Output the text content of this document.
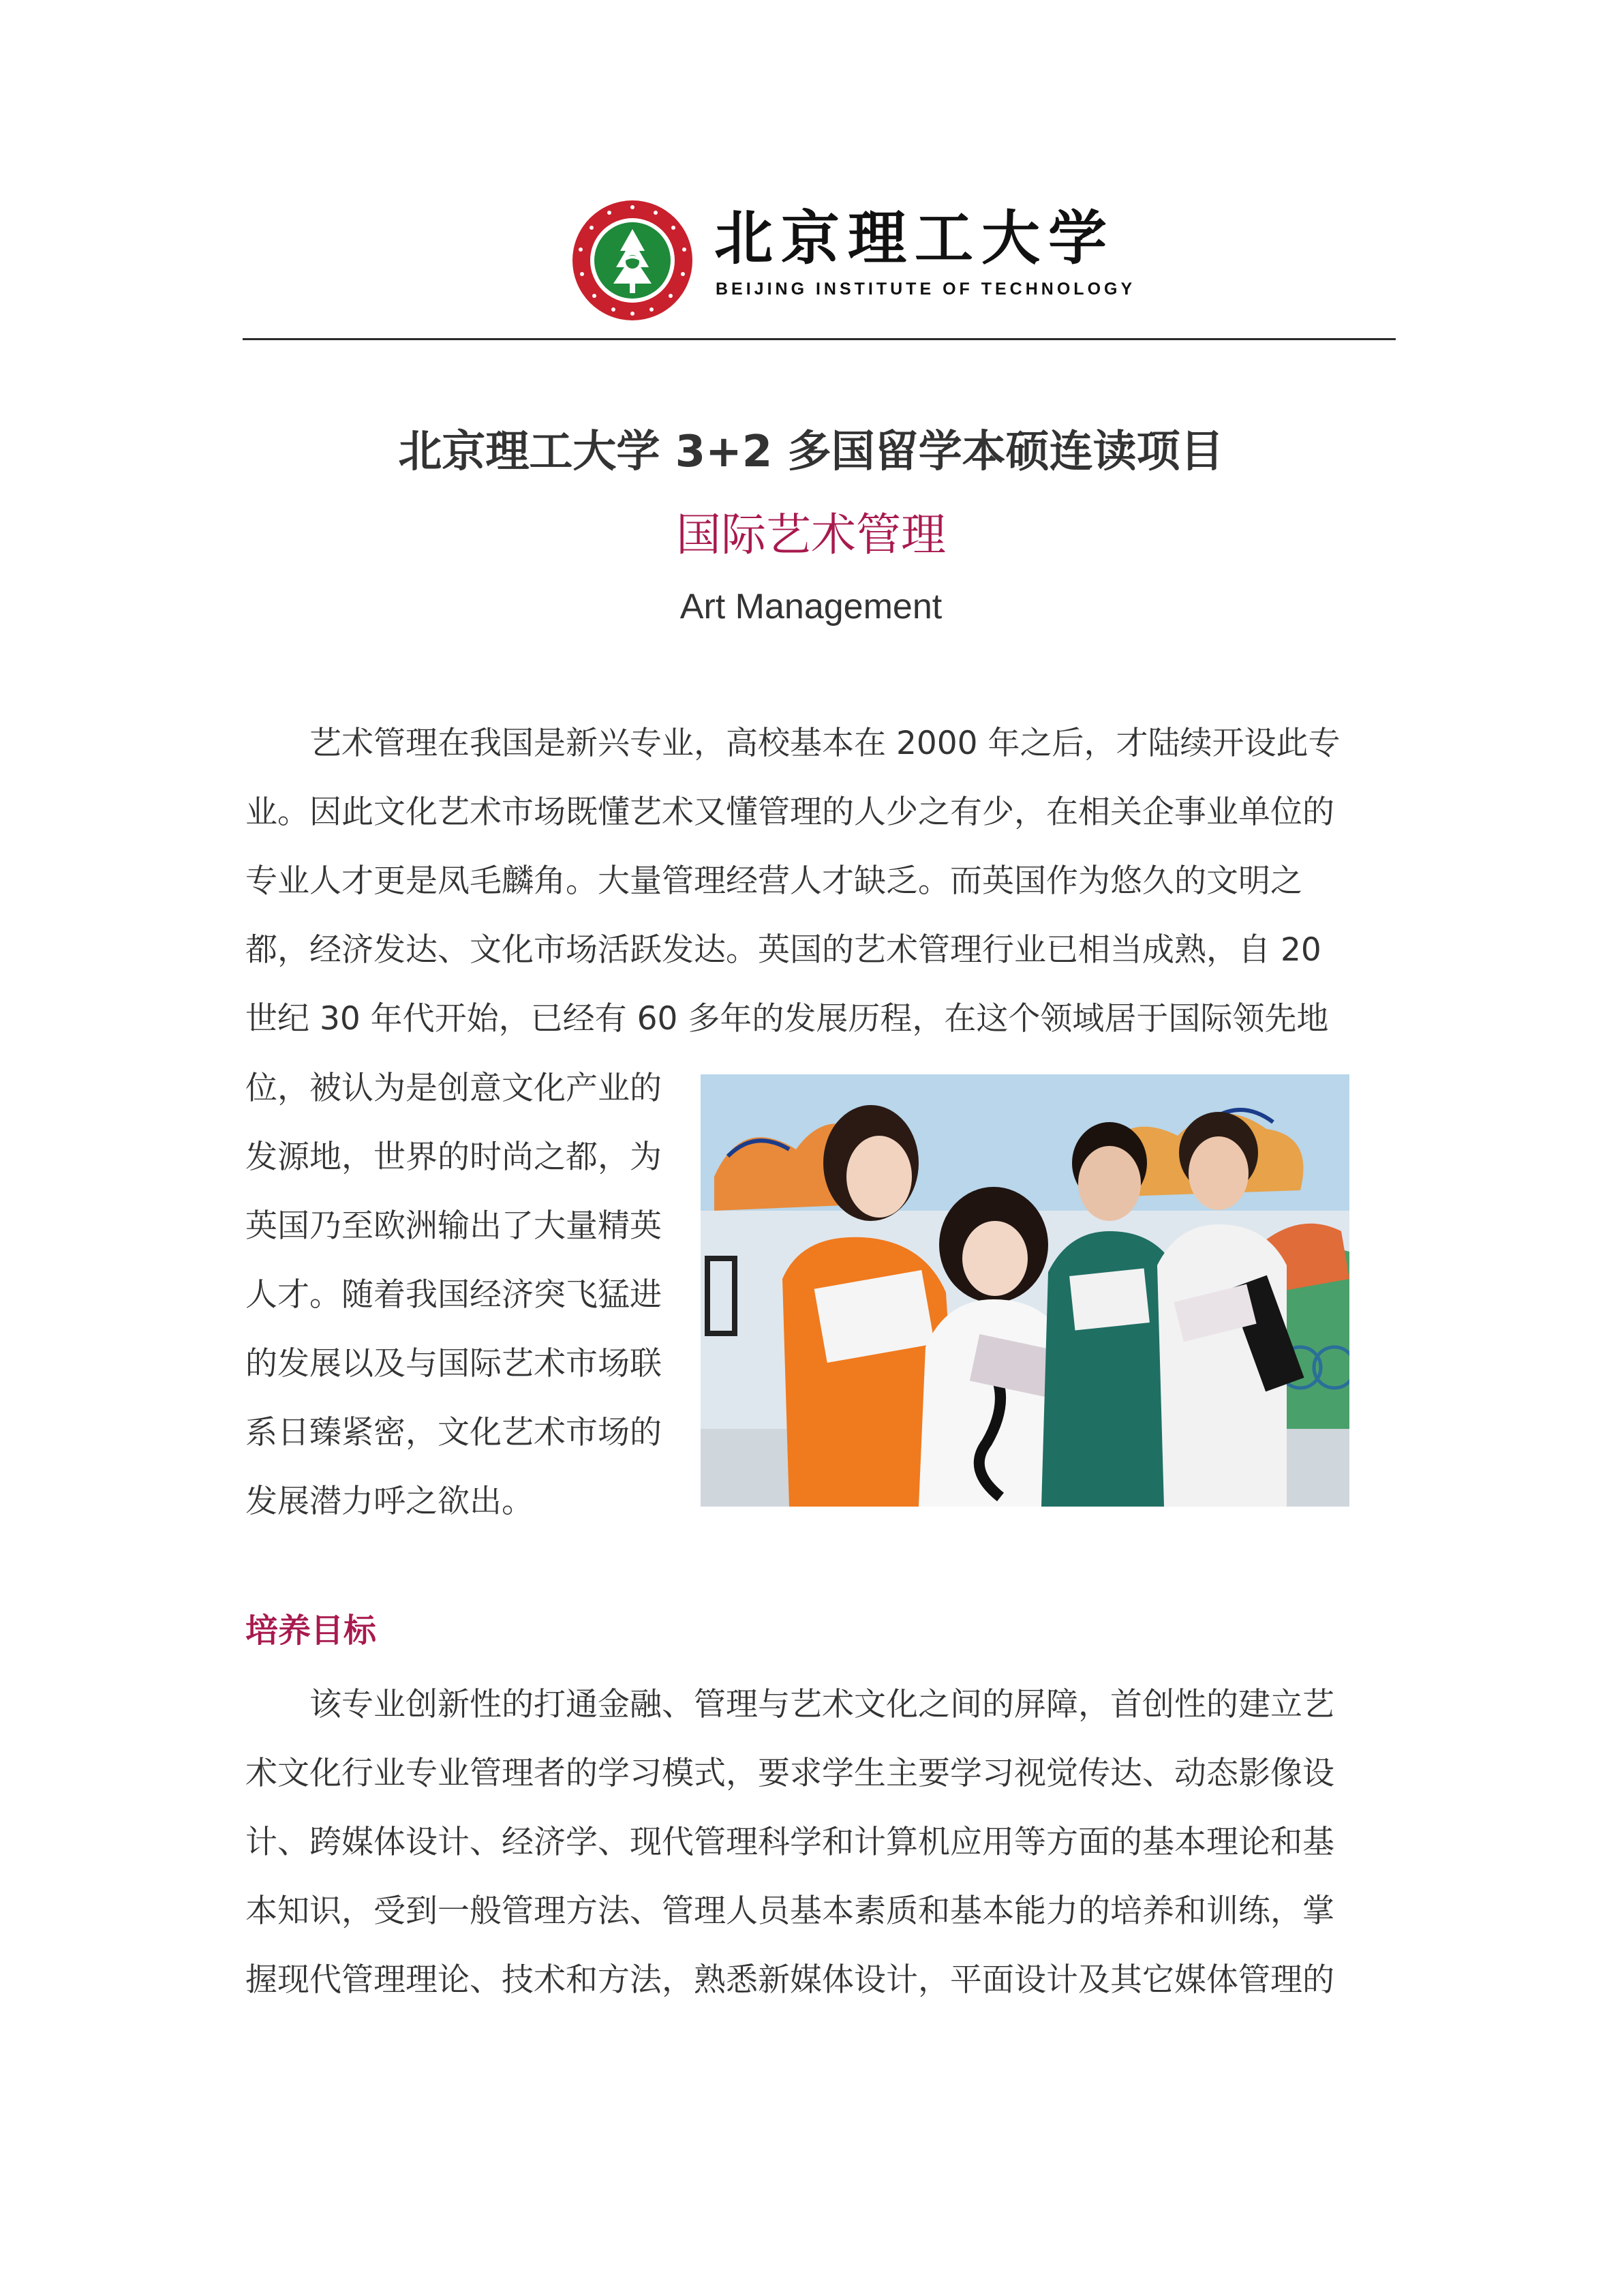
北京理工大学
BEIJING INSTITUTE OF TECHNOLOGY
北京理工大学 3+2 多国留学本硕连读项目
国际艺术管理
Art Management

　　艺术管理在我国是新兴专业，高校基本在 2000 年之后，才陆续开设此专
业。因此文化艺术市场既懂艺术又懂管理的人少之有少，在相关企事业单位的
专业人才更是凤毛麟角。大量管理经营人才缺乏。而英国作为悠久的文明之
都，经济发达、文化市场活跃发达。英国的艺术管理行业已相当成熟，自 20
世纪 30 年代开始，已经有 60 多年的发展历程，在这个领域居于国际领先地

位，被认为是创意文化产业的
发源地，世界的时尚之都，为
英国乃至欧洲输出了大量精英
人才。随着我国经济突飞猛进
的发展以及与国际艺术市场联
系日臻紧密，文化艺术市场的
发展潜力呼之欲出。

培养目标

　　该专业创新性的打通金融、管理与艺术文化之间的屏障，首创性的建立艺
术文化行业专业管理者的学习模式，要求学生主要学习视觉传达、动态影像设
计、跨媒体设计、经济学、现代管理科学和计算机应用等方面的基本理论和基
本知识，受到一般管理方法、管理人员基本素质和基本能力的培养和训练，掌
握现代管理理论、技术和方法，熟悉新媒体设计，平面设计及其它媒体管理的
